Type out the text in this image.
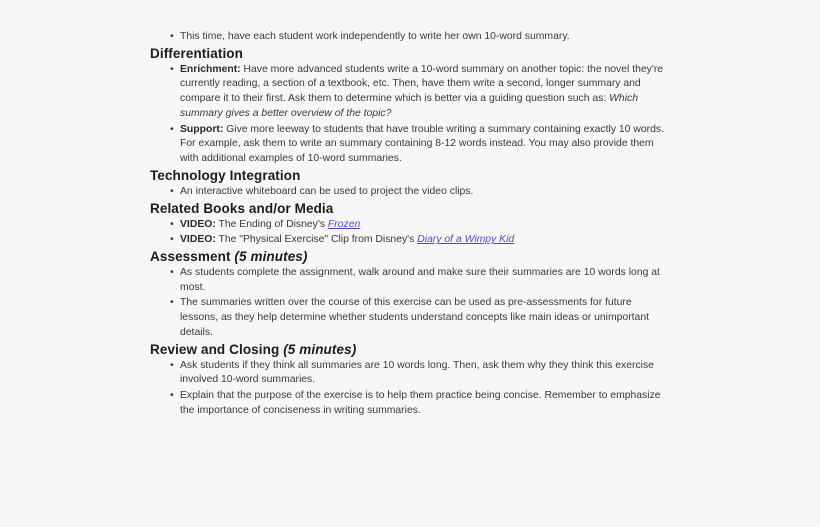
• This time, have each student work independently to write her own 10-word summary.
Differentiation
• Enrichment: Have more advanced students write a 10-word summary on another topic: the novel they're currently reading, a section of a textbook, etc. Then, have them write a second, longer summary and compare it to their first. Ask them to determine which is better via a guiding question such as: Which summary gives a better overview of the topic?
• Support: Give more leeway to students that have trouble writing a summary containing exactly 10 words. For example, ask them to write an summary containing 8-12 words instead. You may also provide them with additional examples of 10-word summaries.
Technology Integration
• An interactive whiteboard can be used to project the video clips.
Related Books and/or Media
• VIDEO: The Ending of Disney's Frozen
• VIDEO: The "Physical Exercise" Clip from Disney's Diary of a Wimpy Kid
Assessment (5 minutes)
• As students complete the assignment, walk around and make sure their summaries are 10 words long at most.
• The summaries written over the course of this exercise can be used as pre-assessments for future lessons, as they help determine whether students understand concepts like main ideas or unimportant details.
Review and Closing (5 minutes)
• Ask students if they think all summaries are 10 words long. Then, ask them why they think this exercise involved 10-word summaries.
• Explain that the purpose of the exercise is to help them practice being concise. Remember to emphasize the importance of conciseness in writing summaries.
